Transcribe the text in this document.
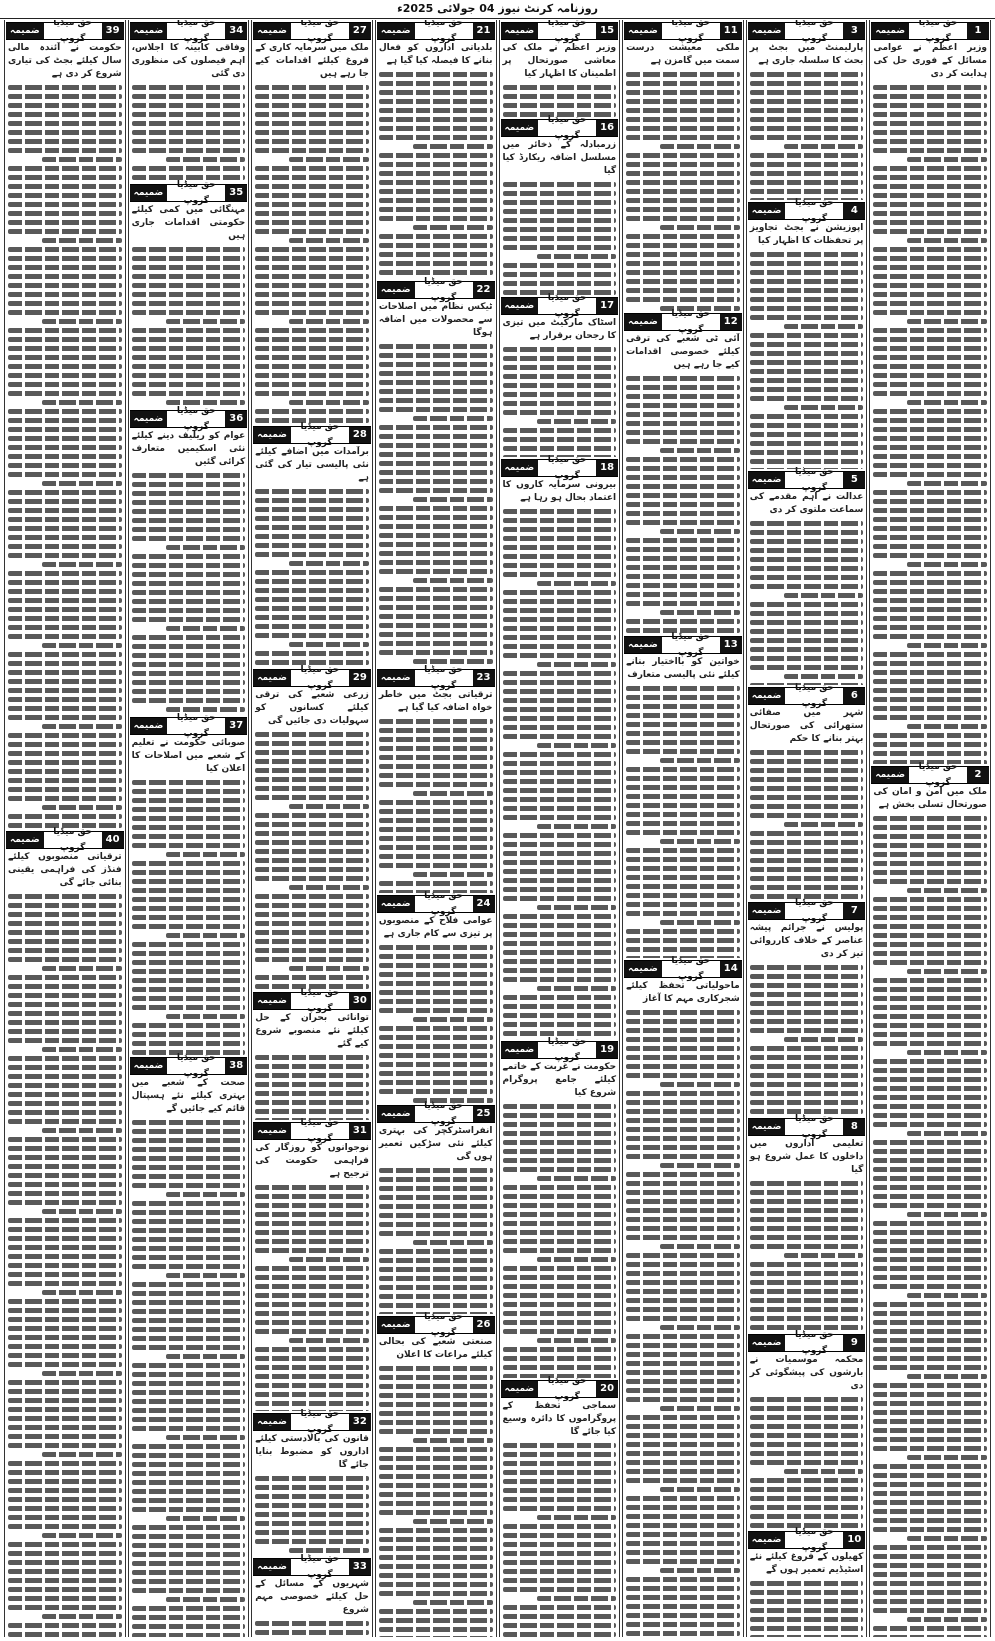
روزنامہ کرنٹ نیوز 04 جولائی 2025ء
1
حق میڈیا گروپ
ضمیمہ
وزیر اعظم نے عوامی مسائل کے فوری حل کی ہدایت کر دی
2
حق میڈیا گروپ
ضمیمہ
ملک میں امن و امان کی صورتحال تسلی بخش ہے
3
حق میڈیا گروپ
ضمیمہ
پارلیمنٹ میں بجٹ پر بحث کا سلسلہ جاری ہے
4
حق میڈیا گروپ
ضمیمہ
اپوزیشن نے بجٹ تجاویز پر تحفظات کا اظہار کیا
5
حق میڈیا گروپ
ضمیمہ
عدالت نے اہم مقدمے کی سماعت ملتوی کر دی
6
حق میڈیا گروپ
ضمیمہ
شہر میں صفائی ستھرائی کی صورتحال بہتر بنانے کا حکم
7
حق میڈیا گروپ
ضمیمہ
پولیس نے جرائم پیشہ عناصر کے خلاف کارروائی تیز کر دی
8
حق میڈیا گروپ
ضمیمہ
تعلیمی اداروں میں داخلوں کا عمل شروع ہو گیا
9
حق میڈیا گروپ
ضمیمہ
محکمہ موسمیات نے بارشوں کی پیشگوئی کر دی
10
حق میڈیا گروپ
ضمیمہ
کھیلوں کے فروغ کیلئے نئے اسٹیڈیم تعمیر ہوں گے
11
حق میڈیا گروپ
ضمیمہ
ملکی معیشت درست سمت میں گامزن ہے
12
حق میڈیا گروپ
ضمیمہ
آئی ٹی شعبے کی ترقی کیلئے خصوصی اقدامات کیے جا رہے ہیں
13
حق میڈیا گروپ
ضمیمہ
خواتین کو بااختیار بنانے کیلئے نئی پالیسی متعارف
14
حق میڈیا گروپ
ضمیمہ
ماحولیاتی تحفظ کیلئے شجرکاری مہم کا آغاز
15
حق میڈیا گروپ
ضمیمہ
وزیر اعظم نے ملک کی معاشی صورتحال پر اطمینان کا اظہار کیا
16
حق میڈیا گروپ
ضمیمہ
زرمبادلہ کے ذخائر میں مسلسل اضافہ ریکارڈ کیا گیا
17
حق میڈیا گروپ
ضمیمہ
اسٹاک مارکیٹ میں تیزی کا رجحان برقرار ہے
18
حق میڈیا گروپ
ضمیمہ
بیرونی سرمایہ کاروں کا اعتماد بحال ہو رہا ہے
19
حق میڈیا گروپ
ضمیمہ
حکومت نے غربت کے خاتمے کیلئے جامع پروگرام شروع کیا
20
حق میڈیا گروپ
ضمیمہ
سماجی تحفظ کے پروگراموں کا دائرہ وسیع کیا جائے گا
21
حق میڈیا گروپ
ضمیمہ
بلدیاتی اداروں کو فعال بنانے کا فیصلہ کیا گیا ہے
22
حق میڈیا گروپ
ضمیمہ
ٹیکس نظام میں اصلاحات سے محصولات میں اضافہ ہوگا
23
حق میڈیا گروپ
ضمیمہ
ترقیاتی بجٹ میں خاطر خواہ اضافہ کیا گیا ہے
24
حق میڈیا گروپ
ضمیمہ
عوامی فلاح کے منصوبوں پر تیزی سے کام جاری ہے
25
حق میڈیا گروپ
ضمیمہ
انفراسٹرکچر کی بہتری کیلئے نئی سڑکیں تعمیر ہوں گی
26
حق میڈیا گروپ
ضمیمہ
صنعتی شعبے کی بحالی کیلئے مراعات کا اعلان
27
حق میڈیا گروپ
ضمیمہ
ملک میں سرمایہ کاری کے فروغ کیلئے اقدامات کیے جا رہے ہیں
28
حق میڈیا گروپ
ضمیمہ
برآمدات میں اضافے کیلئے نئی پالیسی تیار کی گئی ہے
29
حق میڈیا گروپ
ضمیمہ
زرعی شعبے کی ترقی کیلئے کسانوں کو سہولیات دی جائیں گی
30
حق میڈیا گروپ
ضمیمہ
توانائی بحران کے حل کیلئے نئے منصوبے شروع کیے گئے
31
حق میڈیا گروپ
ضمیمہ
نوجوانوں کو روزگار کی فراہمی حکومت کی ترجیح ہے
32
حق میڈیا گروپ
ضمیمہ
قانون کی بالادستی کیلئے اداروں کو مضبوط بنایا جائے گا
33
حق میڈیا گروپ
ضمیمہ
شہریوں کے مسائل کے حل کیلئے خصوصی مہم شروع
34
حق میڈیا گروپ
ضمیمہ
وفاقی کابینہ کا اجلاس، اہم فیصلوں کی منظوری دی گئی
35
حق میڈیا گروپ
ضمیمہ
مہنگائی میں کمی کیلئے حکومتی اقدامات جاری ہیں
36
حق میڈیا گروپ
ضمیمہ
عوام کو ریلیف دینے کیلئے نئی اسکیمیں متعارف کرائی گئیں
37
حق میڈیا گروپ
ضمیمہ
صوبائی حکومت نے تعلیم کے شعبے میں اصلاحات کا اعلان کیا
38
حق میڈیا گروپ
ضمیمہ
صحت کے شعبے میں بہتری کیلئے نئے ہسپتال قائم کیے جائیں گے
39
حق میڈیا گروپ
ضمیمہ
حکومت نے آئندہ مالی سال کیلئے بجٹ کی تیاری شروع کر دی ہے
40
حق میڈیا گروپ
ضمیمہ
ترقیاتی منصوبوں کیلئے فنڈز کی فراہمی یقینی بنائی جائے گی
